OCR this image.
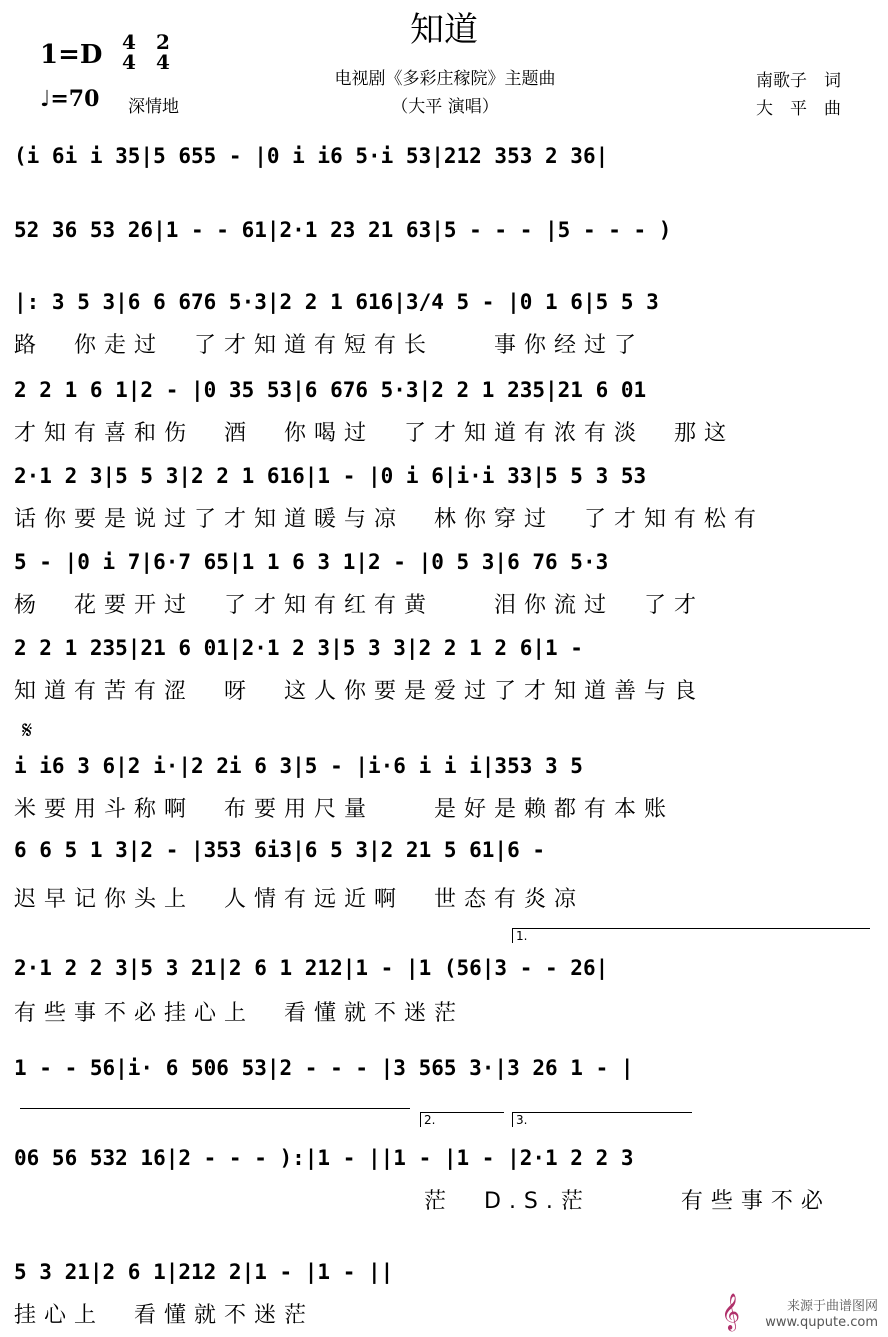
知道
1=D 4
4
2
4
♩=70 深情地
电视剧《多彩庄稼院》主题曲
（大平 演唱）
南歌子　词
大　平　曲
(i 6i i 35|5 655 - |0 i i6 5·i 53|212 353 2 36|
52 36 53 26|1 - - 61|2·1 23 21 63|5 - - - |5 - - - )
|: 3 5 3|6 6 676 5·3|2 2 1 616|3/4 5 - |0 1 6|5 5 3
路　你走过　了才知道有短有长　　事你经过了
2 2 1 6 1|2 - |0 35 53|6 676 5·3|2 2 1 235|21 6 01
才知有喜和伤　酒　你喝过　了才知道有浓有淡　那这
2·1 2 3|5 5 3|2 2 1 616|1 - |0 i 6|i·i 33|5 5 3 53
话你要是说过了才知道暖与凉　林你穿过　了才知有松有
5 - |0 i 7|6·7 65|1 1 6 3 1|2 - |0 5 3|6 76 5·3
杨　花要开过　了才知有红有黄　　泪你流过　了才
2 2 1 235|21 6 01|2·1 2 3|5 3 3|2 2 1 2 6|1 -
知道有苦有涩　呀　这人你要是爱过了才知道善与良
𝄋
i i6 3 6|2 i·|2 2i 6 3|5 - |i·6 i i i|353 3 5
米要用斗称啊　布要用尺量　　是好是赖都有本账
6 6 5 1 3|2 - |353 6i3|6 5 3|2 21 5 61|6 -
迟早记你头上　人情有远近啊　世态有炎凉
1.
2·1 2 2 3|5 3 21|2 6 1 212|1 - |1 (56|3 - - 26|
有些事不必挂心上　看懂就不迷茫
1 - - 56|i· 6 506 53|2 - - - |3 565 3·|3 26 1 - |
2.	3.
06 56 532 16|2 - - - ):|1 - ||1 - |1 - |2·1 2 2 3
茫　D.S.茫　　　有些事不必
5 3 21|2 6 1|212 2|1 - |1 - ||
挂心上　看懂就不迷茫	𝄞	来源于曲谱图网
www.qupute.com
